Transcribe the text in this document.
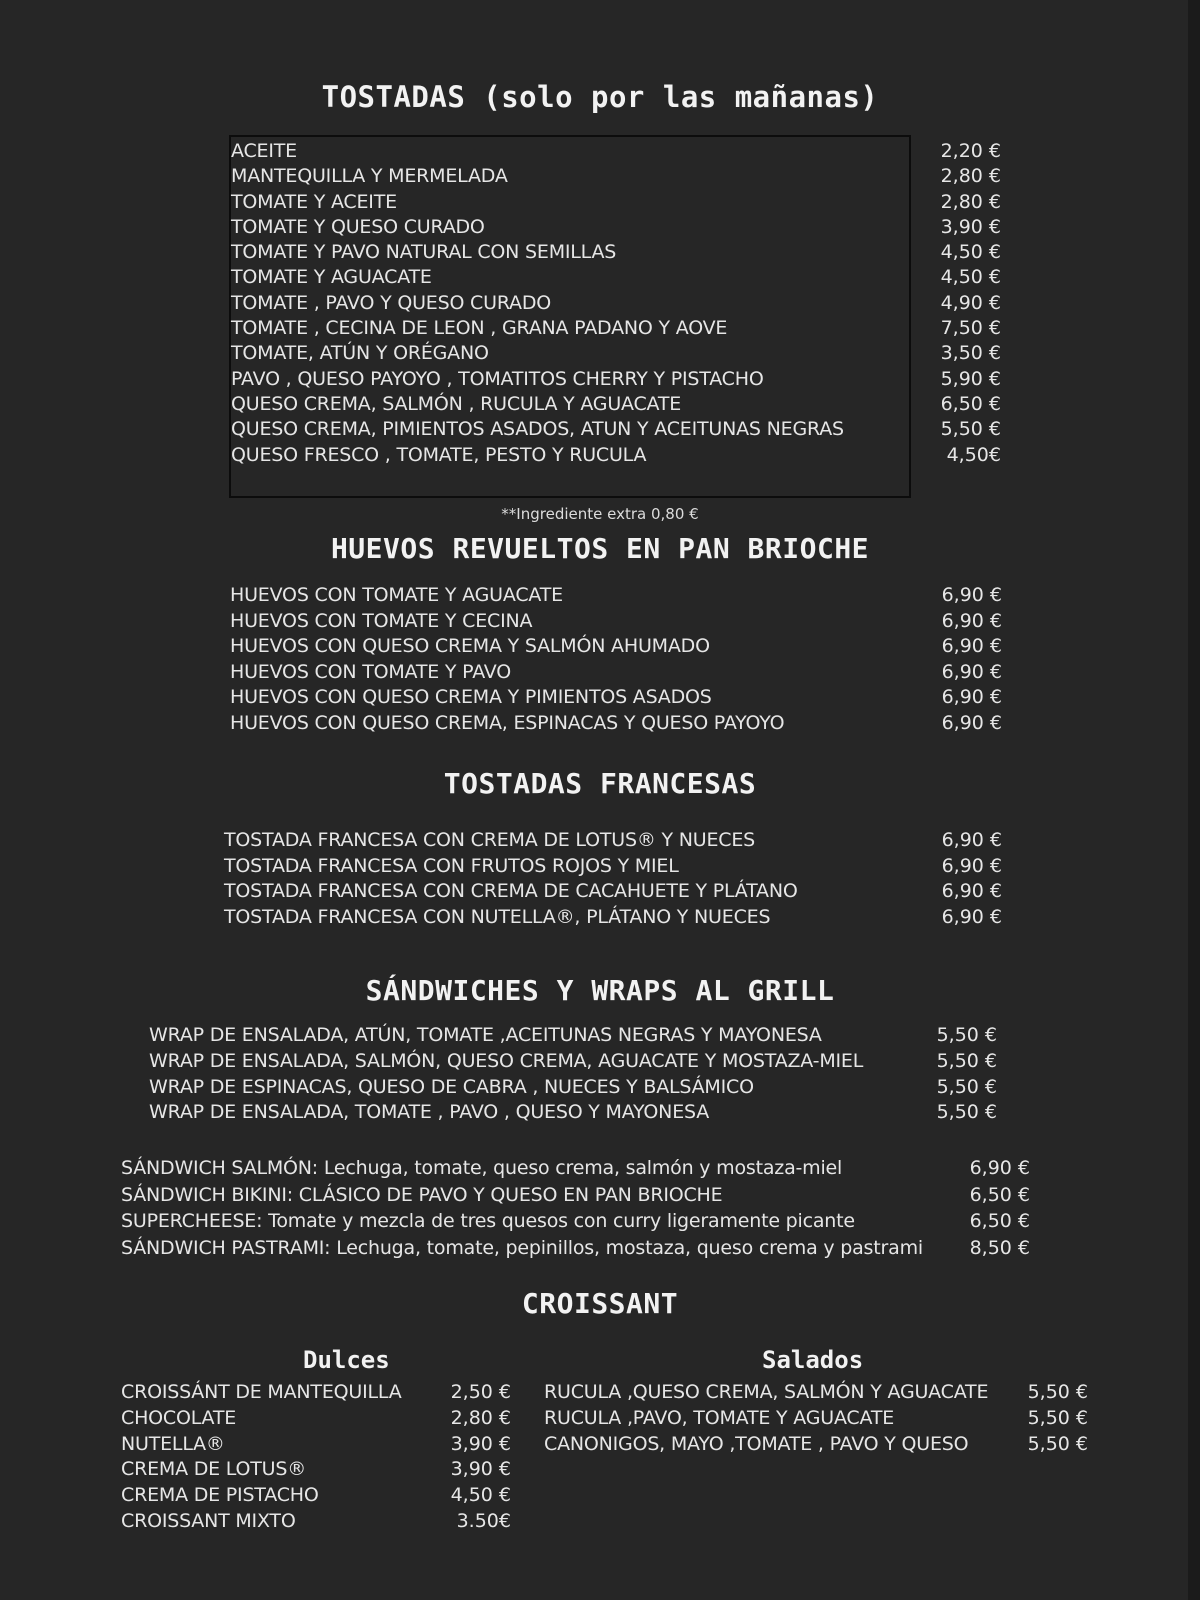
TOSTADAS (solo por las mañanas)
ACEITE	2,20 €
MANTEQUILLA Y MERMELADA	2,80 €
TOMATE Y ACEITE	2,80 €
TOMATE Y QUESO CURADO	3,90 €
TOMATE Y PAVO NATURAL CON SEMILLAS	4,50 €
TOMATE Y AGUACATE	4,50 €
TOMATE , PAVO Y QUESO CURADO	4,90 €
TOMATE , CECINA DE LEON , GRANA PADANO Y AOVE	7,50 €
TOMATE, ATÚN Y ORÉGANO	3,50 €
PAVO , QUESO PAYOYO , TOMATITOS CHERRY Y PISTACHO	5,90 €
QUESO CREMA, SALMÓN , RUCULA Y AGUACATE	6,50 €
QUESO CREMA, PIMIENTOS ASADOS, ATUN Y ACEITUNAS NEGRAS	5,50 €
QUESO FRESCO , TOMATE, PESTO Y RUCULA	4,50€
**Ingrediente extra 0,80 €
HUEVOS REVUELTOS EN PAN BRIOCHE
HUEVOS CON TOMATE Y AGUACATE	6,90 €
HUEVOS CON TOMATE Y CECINA	6,90 €
HUEVOS CON QUESO CREMA Y SALMÓN AHUMADO	6,90 €
HUEVOS CON TOMATE Y PAVO	6,90 €
HUEVOS CON QUESO CREMA Y PIMIENTOS ASADOS	6,90 €
HUEVOS CON QUESO CREMA, ESPINACAS Y QUESO PAYOYO	6,90 €
TOSTADAS FRANCESAS
TOSTADA FRANCESA CON CREMA DE LOTUS® Y NUECES	6,90 €
TOSTADA FRANCESA CON FRUTOS ROJOS Y MIEL	6,90 €
TOSTADA FRANCESA CON CREMA DE CACAHUETE Y PLÁTANO	6,90 €
TOSTADA FRANCESA CON NUTELLA®, PLÁTANO Y NUECES	6,90 €
SÁNDWICHES Y WRAPS AL GRILL
WRAP DE ENSALADA, ATÚN, TOMATE ,ACEITUNAS NEGRAS Y MAYONESA	5,50 €
WRAP DE ENSALADA, SALMÓN, QUESO CREMA, AGUACATE Y MOSTAZA-MIEL	5,50 €
WRAP DE ESPINACAS, QUESO DE CABRA , NUECES Y BALSÁMICO	5,50 €
WRAP DE ENSALADA, TOMATE , PAVO , QUESO Y MAYONESA	5,50 €
SÁNDWICH SALMÓN: Lechuga, tomate, queso crema, salmón y mostaza-miel	6,90 €
SÁNDWICH BIKINI: CLÁSICO DE PAVO Y QUESO EN PAN BRIOCHE	6,50 €
SUPERCHEESE: Tomate y mezcla de tres quesos con curry ligeramente picante	6,50 €
SÁNDWICH PASTRAMI: Lechuga, tomate, pepinillos, mostaza, queso crema y pastrami 8,50 €
CROISSANT
Dulces	Salados
CROISSÁNT DE MANTEQUILLA	2,50 €
CHOCOLATE	2,80 €
NUTELLA®	3,90 €
CREMA DE LOTUS®	3,90 €
CREMA DE PISTACHO	4,50 €
CROISSANT MIXTO	3.50€
RUCULA ,QUESO CREMA, SALMÓN Y AGUACATE 5,50 €
RUCULA ,PAVO, TOMATE Y AGUACATE	5,50 €
CANONIGOS, MAYO ,TOMATE , PAVO Y QUESO	5,50 €
